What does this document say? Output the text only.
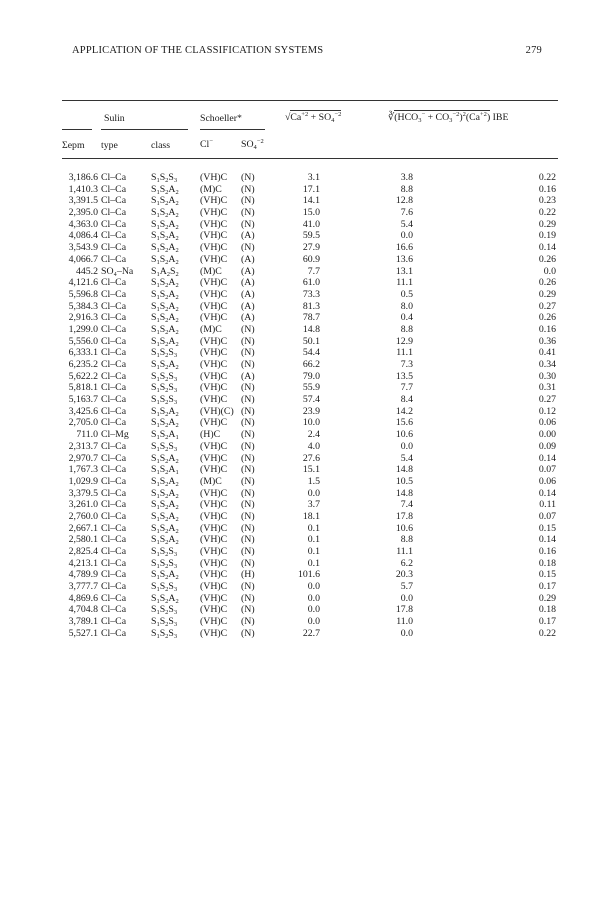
APPLICATION OF THE CLASSIFICATION SYSTEMS	279
Sulin	Schoeller*	$√Ca^{+2} + SO_4^{-2}$	$∛(HCO_3^- + CO_3^{-2})^2(Ca^{+2})$ IBE
Σepm type	class	Cl−	$SO_4^{-2}$
3,186.6 Cl–Ca	$S_1S_2S_3$ (VH)C (N)	3.1	3.8	0.22
1,410.3 Cl–Ca	$S_1S_2A_2$ (M)C (N)	17.1	8.8	0.16
3,391.5 Cl–Ca	$S_1S_2A_2$ (VH)C (N)	14.1	12.8	0.23
2,395.0 Cl–Ca	$S_1S_2A_2$ (VH)C (N)	15.0	7.6	0.22
4,363.0 Cl–Ca	$S_1S_2A_2$ (VH)C (N)	41.0	5.4	0.29
4,086.4 Cl–Ca	$S_1S_2A_2$ (VH)C (A)	59.5	0.0	0.19
3,543.9 Cl–Ca	$S_1S_2A_2$ (VH)C (N)	27.9	16.6	0.14
4,066.7 Cl–Ca	$S_1S_2A_2$ (VH)C (A)	60.9	13.6	0.26
445.2 SO₄–Na $S_1A_2S_2$ (M)C (A)	7.7	13.1	0.0
4,121.6 Cl–Ca	$S_1S_2A_2$ (VH)C (A)	61.0	11.1	0.26
5,596.8 Cl–Ca	$S_1S_2A_2$ (VH)C (A)	73.3	0.5	0.29
5,384.3 Cl–Ca	$S_1S_2A_2$ (VH)C (A)	81.3	8.0	0.27
2,916.3 Cl–Ca	$S_1S_2A_2$ (VH)C (A)	78.7	0.4	0.26
1,299.0 Cl–Ca	$S_1S_2A_2$ (M)C (N)	14.8	8.8	0.16
5,556.0 Cl–Ca	$S_1S_2A_2$ (VH)C (N)	50.1	12.9	0.36
6,333.1 Cl–Ca	$S_1S_2S_3$ (VH)C (N)	54.4	11.1	0.41
6,235.2 Cl–Ca	$S_1S_2A_2$ (VH)C (N)	66.2	7.3	0.34
5,622.2 Cl–Ca	$S_1S_2S_3$ (VH)C (A)	79.0	13.5	0.30
5,818.1 Cl–Ca	$S_1S_2S_3$ (VH)C (N)	55.9	7.7	0.31
5,163.7 Cl–Ca	$S_1S_2S_3$ (VH)C (N)	57.4	8.4	0.27
3,425.6 Cl–Ca	$S_1S_2A_2$ (VH)(C) (N)	23.9	14.2	0.12
2,705.0 Cl–Ca	$S_1S_2A_2$ (VH)C (N)	10.0	15.6	0.06
711.0 Cl–Mg $S_1S_2A_1$ (H)C (N)	2.4	10.6	0.00
2,313.7 Cl–Ca	$S_1S_2S_3$ (VH)C (N)	4.0	0.0	0.09
2,970.7 Cl–Ca	$S_1S_2A_2$ (VH)C (N)	27.6	5.4	0.14
1,767.3 Cl–Ca	$S_1S_2A_1$ (VH)C (N)	15.1	14.8	0.07
1,029.9 Cl–Ca	$S_1S_2A_2$ (M)C (N)	1.5	10.5	0.06
3,379.5 Cl–Ca	$S_1S_2A_2$ (VH)C (N)	0.0	14.8	0.14
3,261.0 Cl–Ca	$S_1S_2A_2$ (VH)C (N)	3.7	7.4	0.11
2,760.0 Cl–Ca	$S_1S_2A_2$ (VH)C (N)	18.1	17.8	0.07
2,667.1 Cl–Ca	$S_1S_2A_2$ (VH)C (N)	0.1	10.6	0.15
2,580.1 Cl–Ca	$S_1S_2A_2$ (VH)C (N)	0.1	8.8	0.14
2,825.4 Cl–Ca	$S_1S_2S_3$ (VH)C (N)	0.1	11.1	0.16
4,213.1 Cl–Ca	$S_1S_2S_3$ (VH)C (N)	0.1	6.2	0.18
4,789.9 Cl–Ca	$S_1S_2A_2$ (VH)C (H)	101.6	20.3	0.15
3,777.7 Cl–Ca	$S_1S_2S_3$ (VH)C (N)	0.0	5.7	0.17
4,869.6 Cl–Ca	$S_1S_2A_2$ (VH)C (N)	0.0	0.0	0.29
4,704.8 Cl–Ca	$S_1S_2S_3$ (VH)C (N)	0.0	17.8	0.18
3,789.1 Cl–Ca	$S_1S_2S_3$ (VH)C (N)	0.0	11.0	0.17
5,527.1 Cl–Ca	$S_1S_2S_3$ (VH)C (N)	22.7	0.0	0.22
